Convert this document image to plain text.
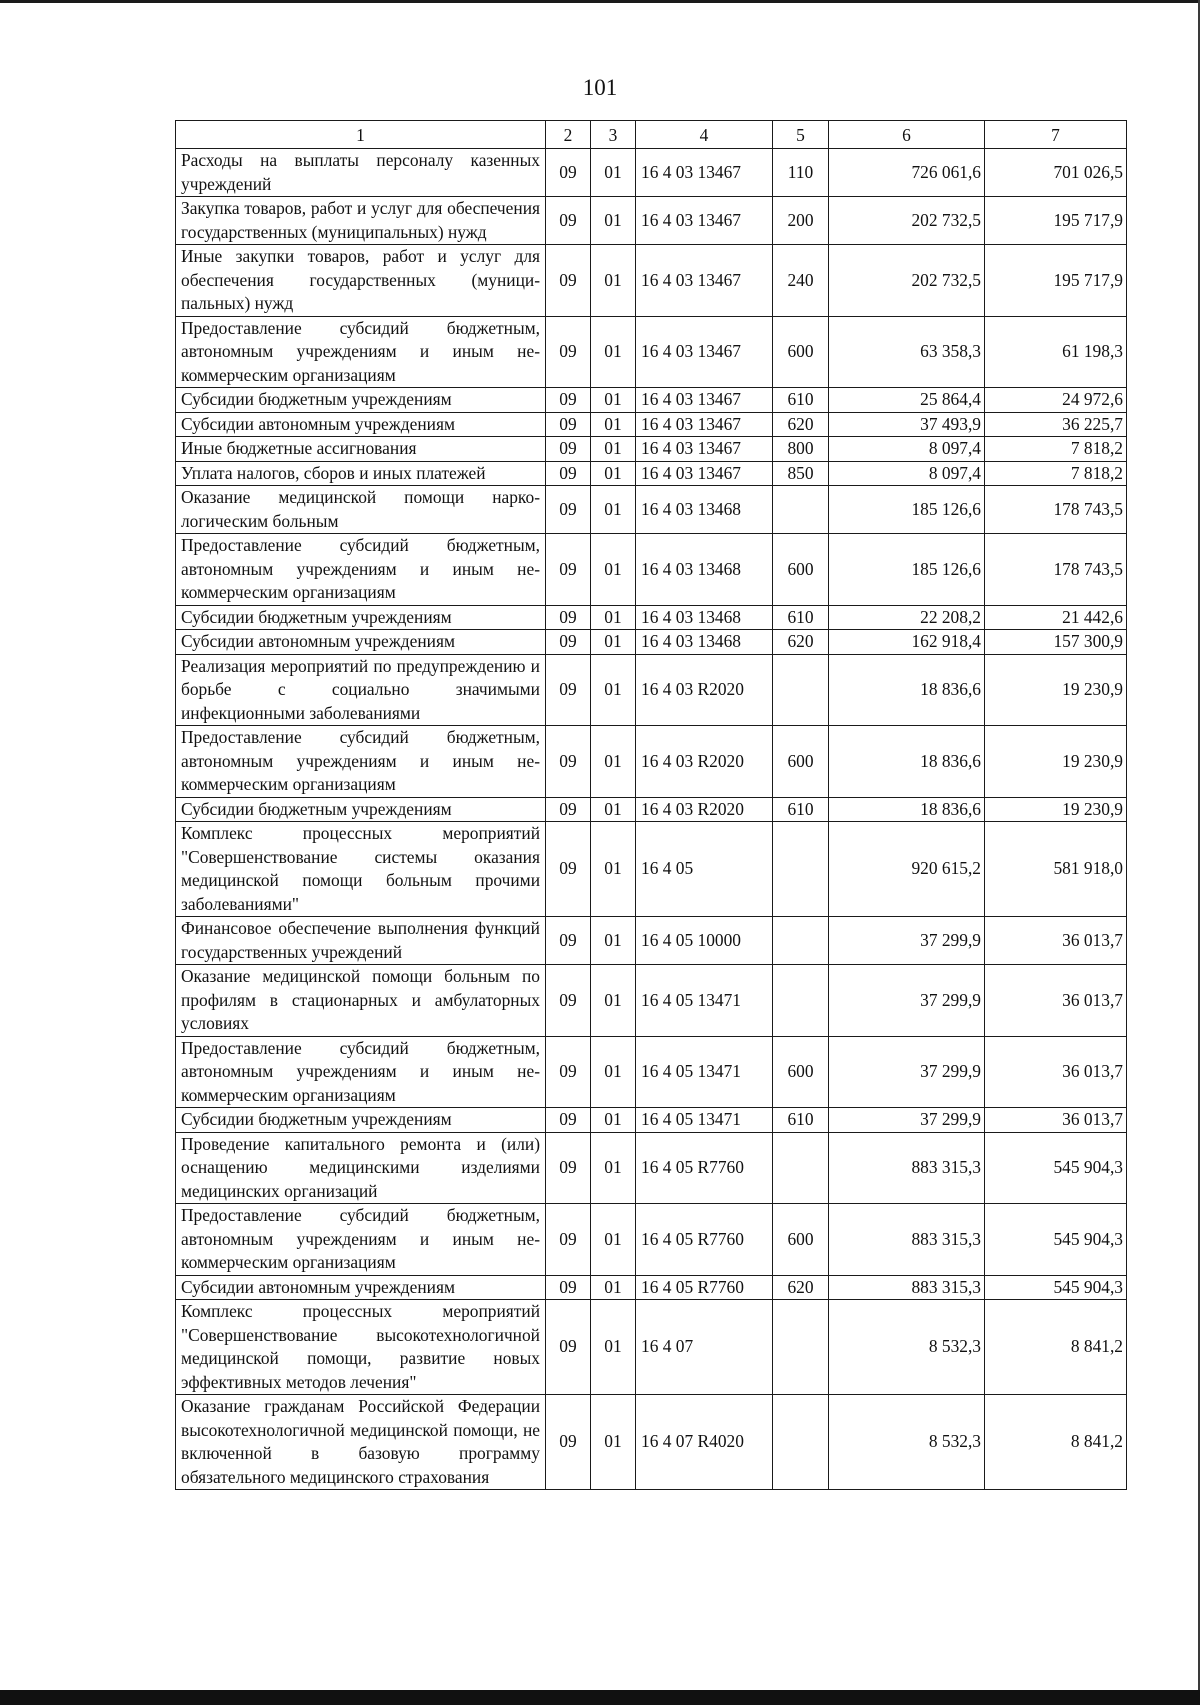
101
1	2	3	4	5	6	7
Расходы на выплаты персоналу казенных учреждений	09	01	16 4 03 13467	110	726 061,6	701 026,5
Закупка товаров, работ и услуг для обеспечения государственных (муниципальных) нужд	09	01	16 4 03 13467	200	202 732,5	195 717,9
Иные закупки товаров, работ и услуг для обеспечения государственных (муниципальных) нужд	09	01	16 4 03 13467	240	202 732,5	195 717,9
Предоставление субсидий бюджетным, автономным учреждениям и иным некоммерческим организациям	09	01	16 4 03 13467	600	63 358,3	61 198,3
Субсидии бюджетным учреждениям	09	01	16 4 03 13467	610	25 864,4	24 972,6
Субсидии автономным учреждениям	09	01	16 4 03 13467	620	37 493,9	36 225,7
Иные бюджетные ассигнования	09	01	16 4 03 13467	800	8 097,4	7 818,2
Уплата налогов, сборов и иных платежей	09	01	16 4 03 13467	850	8 097,4	7 818,2
Оказание медицинской помощи наркологическим больным	09	01	16 4 03 13468		185 126,6	178 743,5
Предоставление субсидий бюджетным, автономным учреждениям и иным некоммерческим организациям	09	01	16 4 03 13468	600	185 126,6	178 743,5
Субсидии бюджетным учреждениям	09	01	16 4 03 13468	610	22 208,2	21 442,6
Субсидии автономным учреждениям	09	01	16 4 03 13468	620	162 918,4	157 300,9
Реализация мероприятий по предупреждению и борьбе с социально значимыми инфекционными заболеваниями	09	01	16 4 03 R2020		18 836,6	19 230,9
Предоставление субсидий бюджетным, автономным учреждениям и иным некоммерческим организациям	09	01	16 4 03 R2020	600	18 836,6	19 230,9
Субсидии бюджетным учреждениям	09	01	16 4 03 R2020	610	18 836,6	19 230,9
Комплекс процессных мероприятий "Совершенствование системы оказания медицинской помощи больным прочими заболеваниями"	09	01	16 4 05		920 615,2	581 918,0
Финансовое обеспечение выполнения функций государственных учреждений	09	01	16 4 05 10000		37 299,9	36 013,7
Оказание медицинской помощи больным по профилям в стационарных и амбулаторных условиях	09	01	16 4 05 13471		37 299,9	36 013,7
Предоставление субсидий бюджетным, автономным учреждениям и иным некоммерческим организациям	09	01	16 4 05 13471	600	37 299,9	36 013,7
Субсидии бюджетным учреждениям	09	01	16 4 05 13471	610	37 299,9	36 013,7
Проведение капитального ремонта и (или) оснащению медицинскими изделиями медицинских организаций	09	01	16 4 05 R7760		883 315,3	545 904,3
Предоставление субсидий бюджетным, автономным учреждениям и иным некоммерческим организациям	09	01	16 4 05 R7760	600	883 315,3	545 904,3
Субсидии автономным учреждениям	09	01	16 4 05 R7760	620	883 315,3	545 904,3
Комплекс процессных мероприятий "Совершенствование высокотехнологичной медицинской помощи, развитие новых эффективных методов лечения"	09	01	16 4 07		8 532,3	8 841,2
Оказание гражданам Российской Федерации высокотехнологичной медицинской помощи, не включенной в базовую программу обязательного медицинского страхования	09	01	16 4 07 R4020		8 532,3	8 841,2
